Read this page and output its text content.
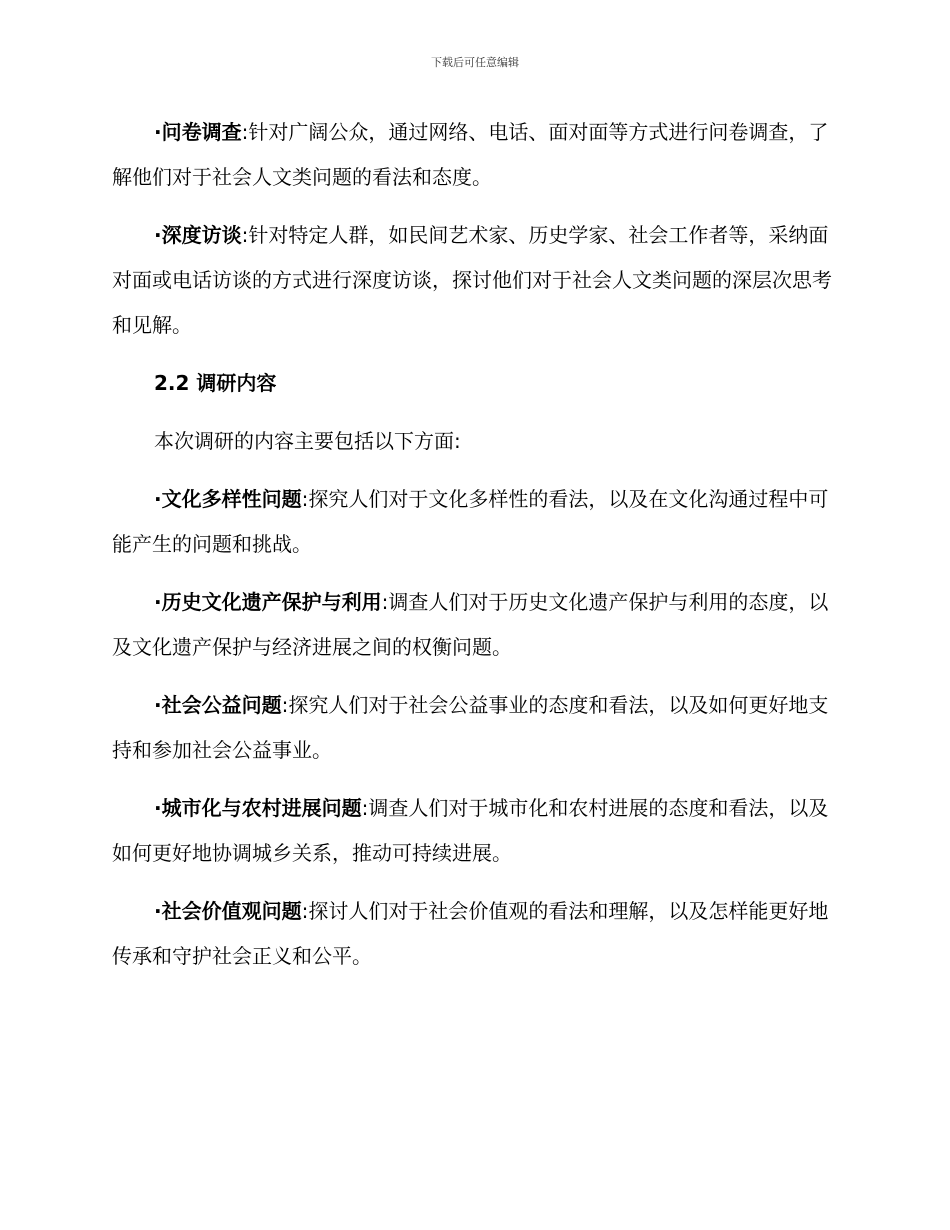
下载后可任意编辑

·问卷调查:针对广阔公众，通过网络、电话、面对面等方式进行问卷调查，了解他们对于社会人文类问题的看法和态度。

·深度访谈:针对特定人群，如民间艺术家、历史学家、社会工作者等，采纳面对面或电话访谈的方式进行深度访谈，探讨他们对于社会人文类问题的深层次思考和见解。

2.2 调研内容

本次调研的内容主要包括以下方面:

·文化多样性问题:探究人们对于文化多样性的看法，以及在文化沟通过程中可能产生的问题和挑战。

·历史文化遗产保护与利用:调查人们对于历史文化遗产保护与利用的态度，以及文化遗产保护与经济进展之间的权衡问题。

·社会公益问题:探究人们对于社会公益事业的态度和看法，以及如何更好地支持和参加社会公益事业。

·城市化与农村进展问题:调查人们对于城市化和农村进展的态度和看法，以及如何更好地协调城乡关系，推动可持续进展。

·社会价值观问题:探讨人们对于社会价值观的看法和理解，以及怎样能更好地传承和守护社会正义和公平。
